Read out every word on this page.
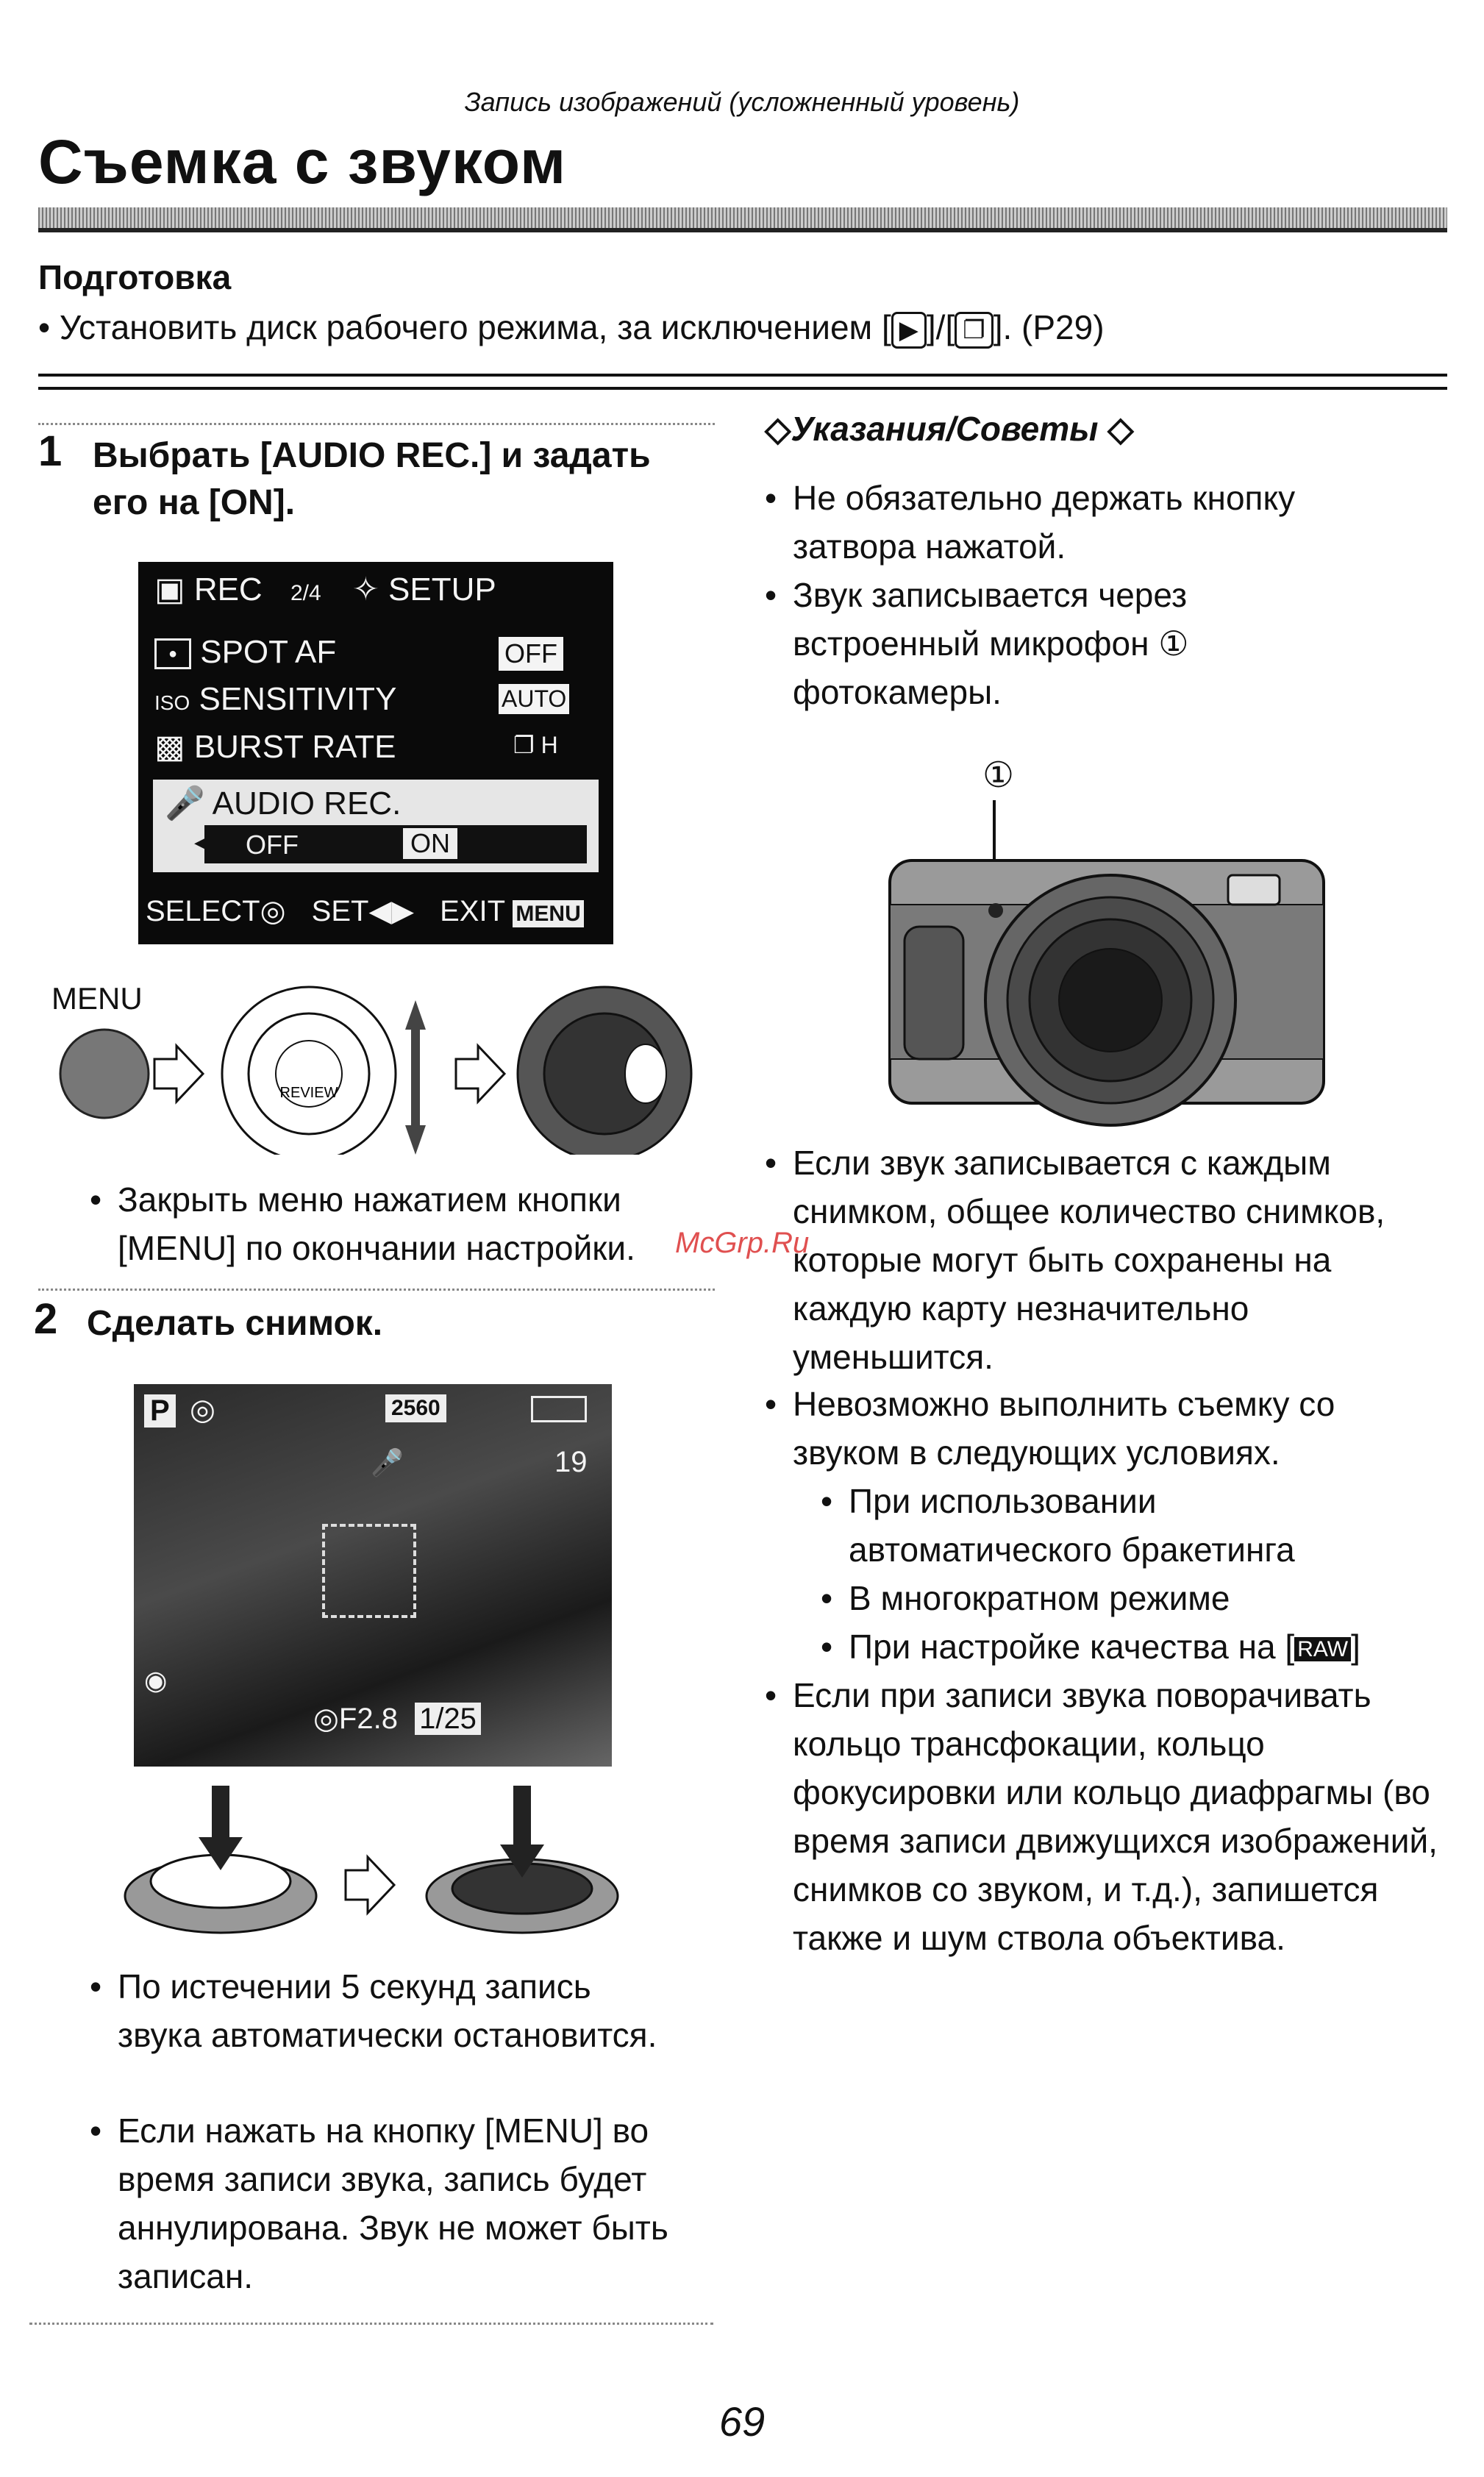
Запись изображений (усложненный уровень)
Съемка с звуком
Подготовка
• Установить диск рабочего режима, за исключением [ ▶ ]/[ ❐ ]. (P29)
1 Выбрать [AUDIO REC.] и задать
его на [ON].
▣ REC 2/4 ✧ SETUP
● SPOT AF	OFF
ISO SENSITIVITY	AUTO
▩ BURST RATE	❐ H
🎤 AUDIO REC.
◀ OFF	ON
SELECT◎ SET◀▶ EXIT MENU
MENU
REVIEW
• Закрыть меню нажатием кнопки [MENU] по окончании настройки.	McGrp.Ru
2 Сделать снимок.
P ◎	2560
🎤	19
◉
◎F2.8 1/25
• По истечении 5 секунд запись звука автоматически остановится.
• Если нажать на кнопку [MENU] во время записи звука, запись будет аннулирована. Звук не может быть записан.
◇Указания/Советы ◇
• Не обязательно держать кнопку затвора нажатой.
• Звук записывается через встроенный микрофон ① фотокамеры.
①
• Если звук записывается с каждым снимком, общее количество снимков, которые могут быть сохранены на каждую карту незначительно уменьшится.
• Невозможно выполнить съемку со звуком в следующих условиях.
• При использовании автоматического бракетинга
• В многократном режиме
• При настройке качества на [ RAW]
• Если при записи звука поворачивать кольцо трансфокации, кольцо фокусировки или кольцо диафрагмы (во время записи движущихся изображений, снимков со звуком, и т.д.), запишется также и шум ствола объектива.
69
